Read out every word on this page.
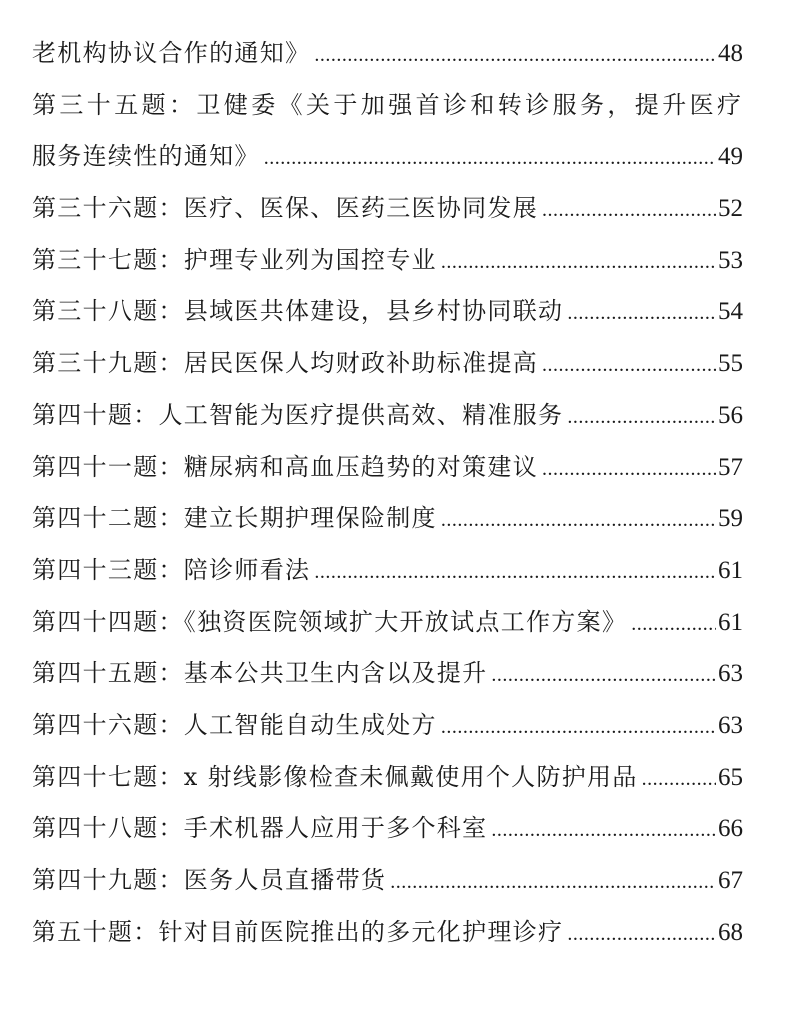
老机构协议合作的通知》 .....	48
第三十五题：卫健委《关于加强首诊和转诊服务，提升医疗
服务连续性的通知》 .....	49
第三十六题：医疗、医保、医药三医协同发展 .....	52
第三十七题：护理专业列为国控专业 .....	53
第三十八题：县域医共体建设，县乡村协同联动 .....	54
第三十九题：居民医保人均财政补助标准提高 .....	55
第四十题：人工智能为医疗提供高效、精准服务 .....	56
第四十一题：糖尿病和高血压趋势的对策建议 .....	57
第四十二题：建立长期护理保险制度 .....	59
第四十三题：陪诊师看法 .....	61
第四十四题：《独资医院领域扩大开放试点工作方案》 .....	61
第四十五题：基本公共卫生内含以及提升 .....	63
第四十六题：人工智能自动生成处方 .....	63
第四十七题：x 射线影像检查未佩戴使用个人防护用品 .....	65
第四十八题：手术机器人应用于多个科室 .....	66
第四十九题：医务人员直播带货 .....	67
第五十题：针对目前医院推出的多元化护理诊疗 .....	68
